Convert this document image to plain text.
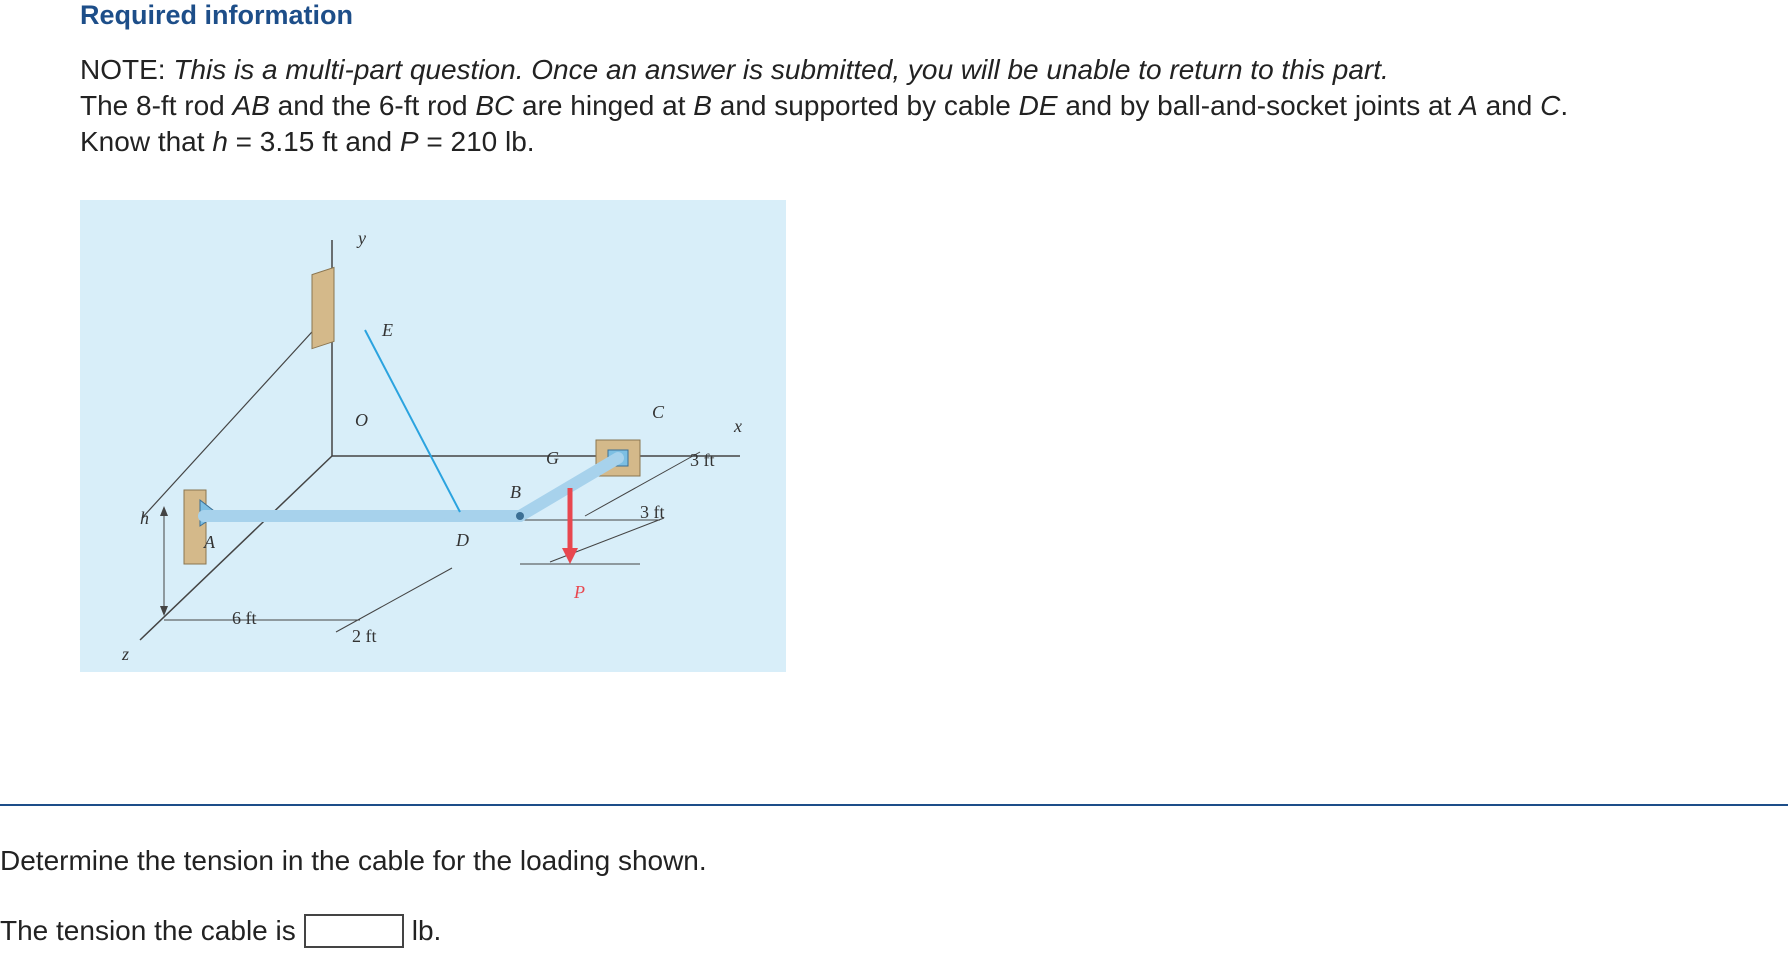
Required information
NOTE: This is a multi-part question. Once an answer is submitted, you will be unable to return to this part.
The 8-ft rod AB and the 6-ft rod BC are hinged at B and supported by cable DE and by ball-and-socket joints at A and C.
Know that h = 3.15 ft and P = 210 lb.
y
E
O	C
x
G
B
h
A	D
z
P
6 ft
2 ft
3 ft
3 ft
Determine the tension in the cable for the loading shown.
The tension the cable is	lb.
